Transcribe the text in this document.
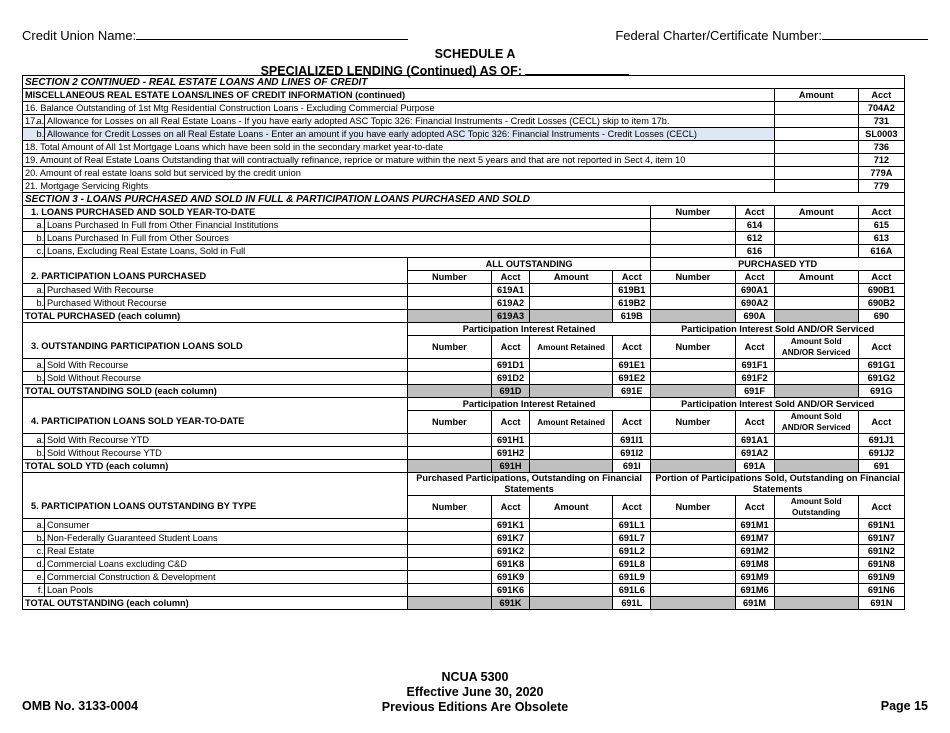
Credit Union Name:	Federal Charter/Certificate Number:
SCHEDULE A
SPECIALIZED LENDING (Continued) AS OF:
SECTION 2 CONTINUED - REAL ESTATE LOANS AND LINES OF CREDIT										
MISCELLANEOUS REAL ESTATE LOANS/LINES OF CREDIT INFORMATION (continued)									Amount	Acct
16. Balance Outstanding of 1st Mtg Residential Construction Loans - Excluding Commercial Purpose										704A2
17.	a.	Allowance for Losses on all Real Estate Loans - If you have early adopted ASC Topic 326: Financial Instruments - Credit Losses (CECL) skip to item 17b.								731
	b.	Allowance for Credit Losses on all Real Estate Loans - Enter an amount if you have early adopted ASC Topic 326: Financial Instruments - Credit Losses (CECL)								SL0003
18. Total Amount of All 1st Mortgage Loans which have been sold in the secondary market year-to-date										736
19. Amount of Real Estate Loans Outstanding that will contractually refinance, reprice or mature within the next 5 years and that are not reported in Sect 4, item 10										712
20. Amount of real estate loans sold but serviced by the credit union										779A
21. Mortgage Servicing Rights										779
SECTION 3 - LOANS PURCHASED AND SOLD IN FULL & PARTICIPATION LOANS PURCHASED AND SOLD										
1. LOANS PURCHASED AND SOLD YEAR-TO-DATE							Number	Acct	Amount	Acct
	a.	Loans Purchased In Full from Other Financial Institutions						614		615
	b.	Loans Purchased In Full from Other Sources						612		613
	c.	Loans, Excluding Real Estate Loans, Sold in Full						616		616A
			ALL OUTSTANDING				PURCHASED YTD			
2. PARTICIPATION LOANS PURCHASED			Number	Acct	Amount	Acct	Number	Acct	Amount	Acct
	a.	Purchased With Recourse		619A1		619B1		690A1		690B1
	b.	Purchased Without Recourse		619A2		619B2		690A2		690B2
TOTAL PURCHASED (each column)				619A3		619B		690A		690
			Participation Interest Retained				Participation Interest Sold AND/OR Serviced			
3. OUTSTANDING PARTICIPATION LOANS SOLD			Number	Acct	Amount Retained	Acct	Number	Acct	Amount Sold AND/OR Serviced	Acct
	a.	Sold With Recourse		691D1		691E1		691F1		691G1
	b.	Sold Without Recourse		691D2		691E2		691F2		691G2
TOTAL OUTSTANDING SOLD (each column)				691D		691E		691F		691G
			Participation Interest Retained				Participation Interest Sold AND/OR Serviced			
4. PARTICIPATION LOANS SOLD YEAR-TO-DATE			Number	Acct	Amount Retained	Acct	Number	Acct	Amount Sold AND/OR Serviced	Acct
	a.	Sold With Recourse YTD		691H1		691I1		691A1		691J1
	b.	Sold Without Recourse YTD		691H2		691I2		691A2		691J2
TOTAL SOLD YTD (each column)				691H		691I		691A		691
			Purchased Participations, Outstanding on Financial Statements				Portion of Participations Sold, Outstanding on Financial Statements			
5. PARTICIPATION LOANS OUTSTANDING BY TYPE			Number	Acct	Amount	Acct	Number	Acct	Amount Sold Outstanding	Acct
	a.	Consumer		691K1		691L1		691M1		691N1
	b.	Non-Federally Guaranteed Student Loans		691K7		691L7		691M7		691N7
	c.	Real Estate		691K2		691L2		691M2		691N2
	d.	Commercial Loans excluding C&D		691K8		691L8		691M8		691N8
	e.	Commercial Construction & Development		691K9		691L9		691M9		691N9
	f.	Loan Pools		691K6		691L6		691M6		691N6
TOTAL OUTSTANDING (each column)				691K		691L		691M		691N
NCUA 5300
Effective June 30, 2020
Previous Editions Are Obsolete
OMB No. 3133-0004	Page 15
